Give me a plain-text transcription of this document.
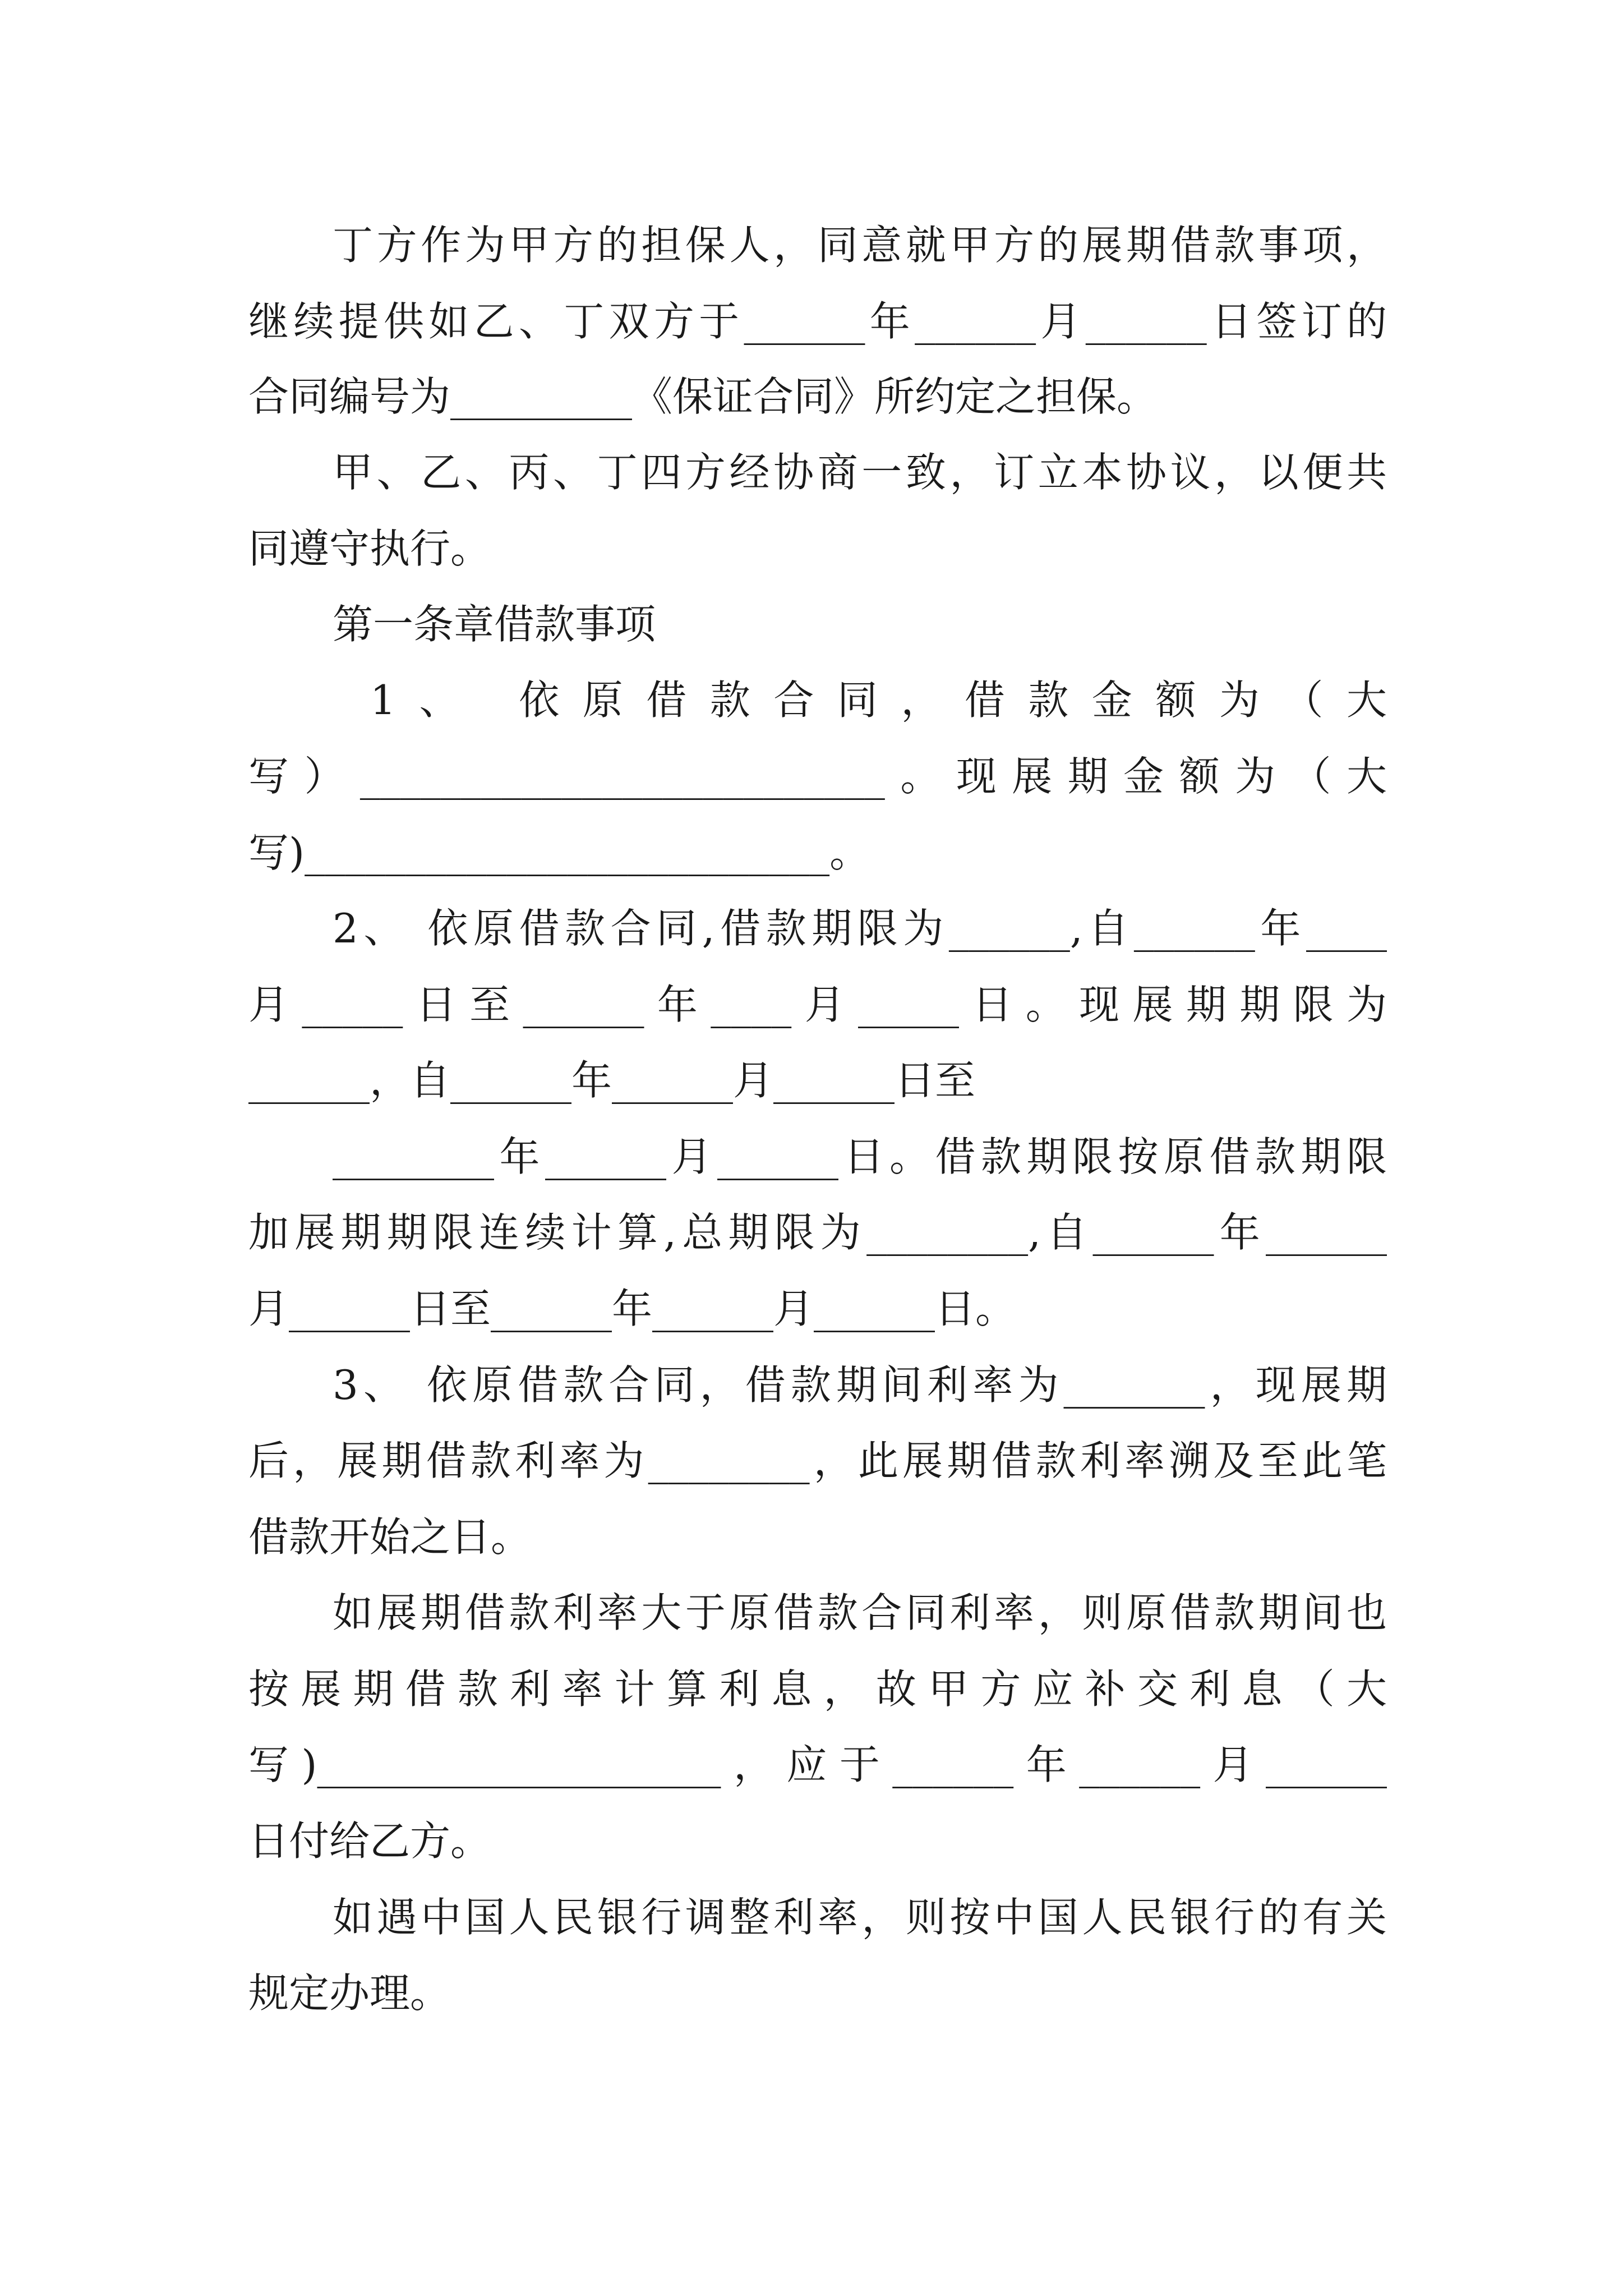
丁方作为甲方的担保人，同意就甲方的展期借款事项，
继续提供如乙、丁双方于______年______月______日签订的
合同编号为_________《保证合同》所约定之担保。
甲、乙、丙、丁四方经协商一致，订立本协议，以便共
同遵守执行。
第一条章借款事项
1、 依原借款合同，借款金额为（大
写）__________________________。现展期金额为（大
写)__________________________。
2、 依原借款合同,借款期限为______,自______年____
月_____日至______年____月_____日。现展期期限为
______，自______年______月______日至
________年______月______日。借款期限按原借款期限
加展期期限连续计算,总期限为________,自______年______
月______日至______年______月______日。
3、 依原借款合同，借款期间利率为_______，现展期
后，展期借款利率为________，此展期借款利率溯及至此笔
借款开始之日。
如展期借款利率大于原借款合同利率，则原借款期间也
按展期借款利率计算利息，故甲方应补交利息（大
写)____________________，应于______年______月______
日付给乙方。
如遇中国人民银行调整利率，则按中国人民银行的有关
规定办理。
